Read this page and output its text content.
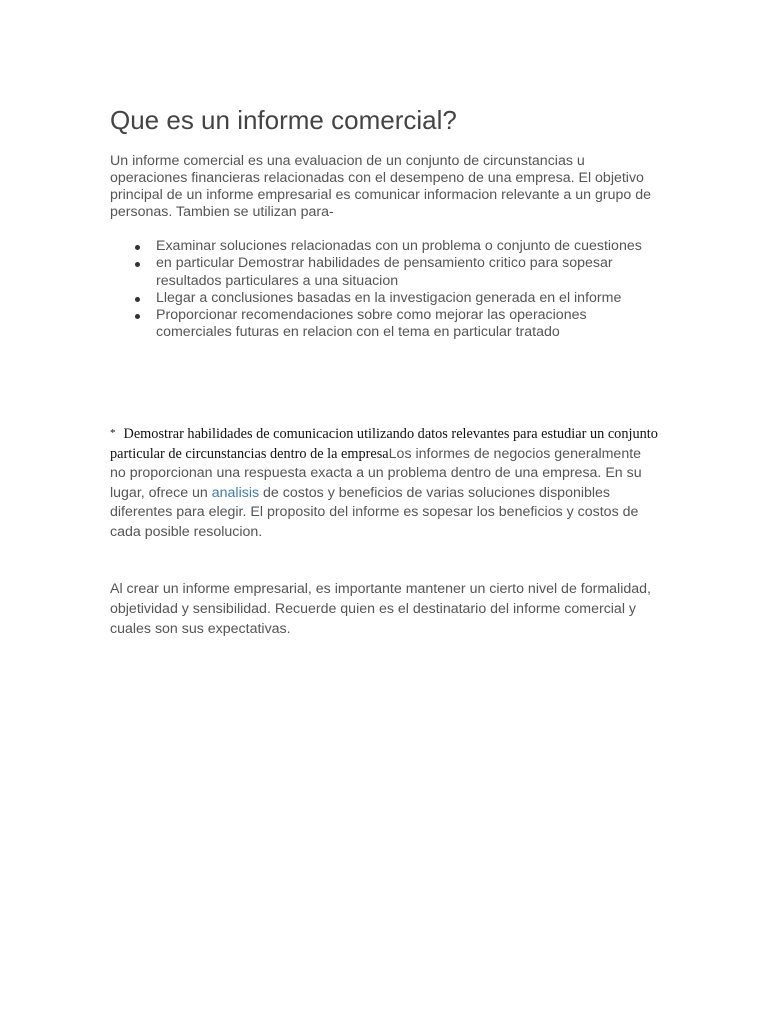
Que es un informe comercial?

Un informe comercial es una evaluacion de un conjunto de circunstancias u operaciones financieras relacionadas con el desempeno de una empresa. El objetivo principal de un informe empresarial es comunicar informacion relevante a un grupo de personas. Tambien se utilizan para-

Examinar soluciones relacionadas con un problema o conjunto de cuestiones
en particular Demostrar habilidades de pensamiento critico para sopesar resultados particulares a una situacion
Llegar a conclusiones basadas en la investigacion generada en el informe
Proporcionar recomendaciones sobre como mejorar las operaciones comerciales futuras en relacion con el tema en particular tratado

* Demostrar habilidades de comunicacion utilizando datos relevantes para estudiar un conjunto particular de circunstancias dentro de la empresaLos informes de negocios generalmente no proporcionan una respuesta exacta a un problema dentro de una empresa. En su lugar, ofrece un analisis de costos y beneficios de varias soluciones disponibles diferentes para elegir. El proposito del informe es sopesar los beneficios y costos de cada posible resolucion.

Al crear un informe empresarial, es importante mantener un cierto nivel de formalidad, objetividad y sensibilidad. Recuerde quien es el destinatario del informe comercial y cuales son sus expectativas.
